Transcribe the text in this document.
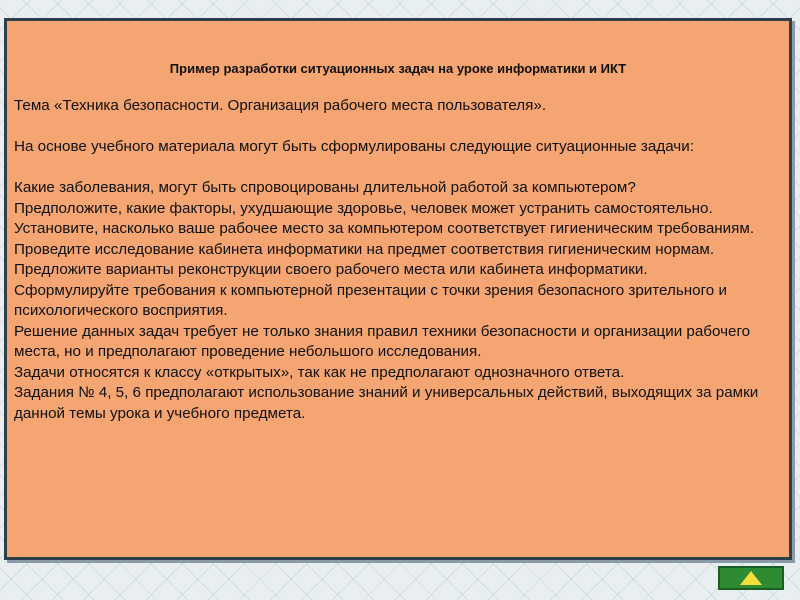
Пример разработки ситуационных задач на уроке информатики и ИКТ

Тема «Техника безопасности. Организация рабочего места пользователя».

На основе учебного материала могут быть сформулированы следующие ситуационные задачи:

Какие заболевания, могут быть спровоцированы длительной работой за компьютером?

Предположите, какие факторы, ухудшающие здоровье, человек может устранить самостоятельно.

Установите, насколько ваше рабочее место за компьютером соответствует гигиеническим требованиям.

Проведите исследование кабинета информатики на предмет соответствия гигиеническим нормам.

Предложите варианты реконструкции своего рабочего места или кабинета информатики.

Сформулируйте требования к компьютерной презентации с точки зрения безопасного зрительного и психологического восприятия.

Решение данных задач требует не только знания правил техники безопасности и организации рабочего места, но и предполагают проведение небольшого исследования.

Задачи относятся к классу «открытых», так как не предполагают однозначного ответа.

Задания № 4, 5, 6 предполагают использование знаний и универсальных действий, выходящих за рамки данной темы урока и учебного предмета.
